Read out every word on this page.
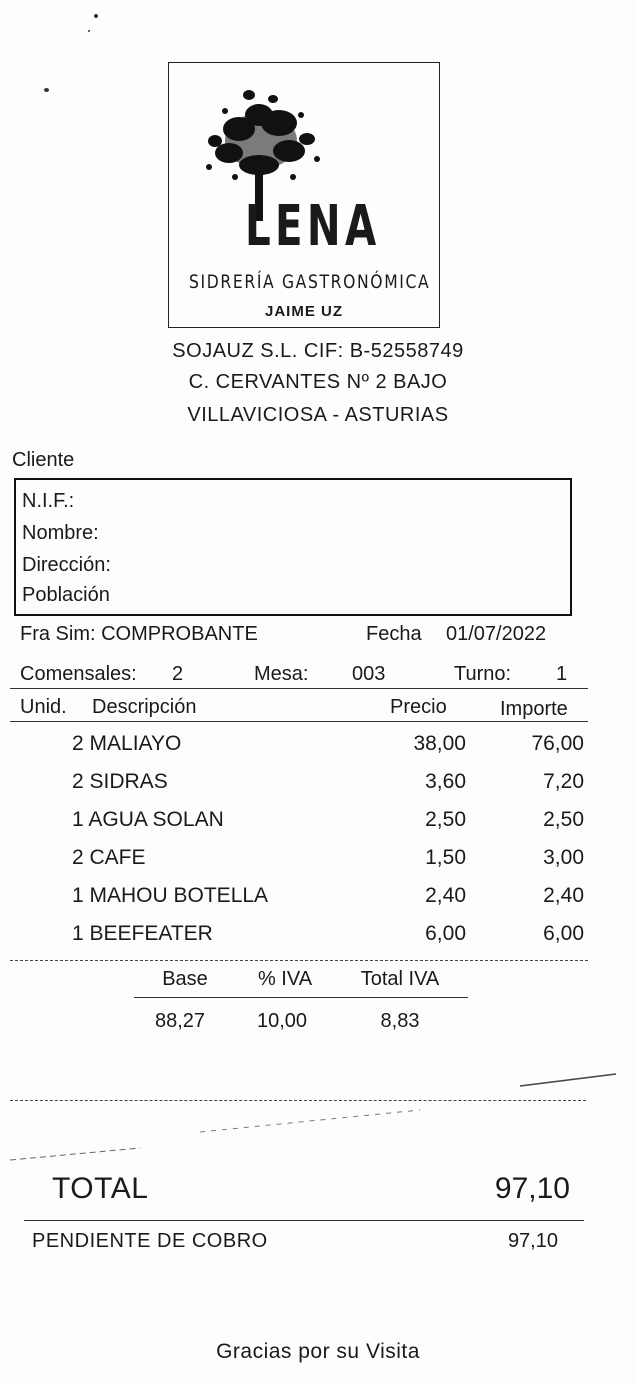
LENA
SIDRERÍA GASTRONÓMICA
JAIME UZ
SOJAUZ S.L. CIF: B-52558749
C. CERVANTES Nº 2 BAJO
VILLAVICIOSA - ASTURIAS
Cliente
N.I.F.:
Nombre:
Dirección:
Población
Fra Sim: COMPROBANTE	Fecha 01/07/2022
Comensales: 2	Mesa: 003	Turno: 1
Unid. Descripción	Precio	Importe
2 MALIAYO	38,00	76,00
2 SIDRAS	3,60	7,20
1 AGUA SOLAN	2,50	2,50
2 CAFE	1,50	3,00
1 MAHOU BOTELLA	2,40	2,40
1 BEEFEATER	6,00	6,00
Base	% IVA	Total IVA
88,27	10,00	8,83
TOTAL	97,10
PENDIENTE DE COBRO	97,10
Gracias por su Visita
